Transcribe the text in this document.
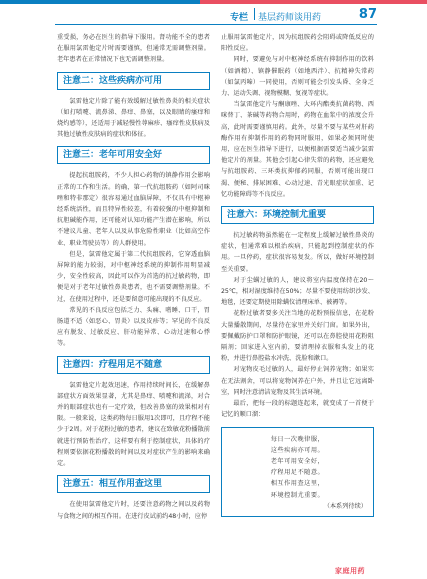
专栏 基层药师谈用药	87

重受损，务必在医生的指导下服用。肾功能不全的患者在服用氯雷他定片时需要谨慎，但通常无需调整剂量。老年患者在正常情况下也无需调整剂量。

注意二：这些疾病亦可用

氯雷他定片除了能有效缓解过敏性鼻炎的相关症状（如打喷嚏、流鼻涕、鼻痒、鼻塞，以及眼睛的瘙痒和烧灼感等），还适用于减轻慢性荨麻疹、瘙痒性皮肤病及其他过敏性皮肤病的症状和体征。

注意三：老年可用安全好

提起抗组胺药，不少人担心药物的镇静作用会影响正常的工作和生活。的确，第一代抗组胺药（如阿司咪唑和特非那定）很容易通过血脑屏障，不仅具有中枢神经系统活性，而且特异性较差，有着较强的中枢抑制和抗胆碱能作用，还可能对认知功能产生潜在影响，所以不建议儿童、老年人以及从事危险性职业（比如高空作业、职业驾驶员等）的人群使用。

但是，氯雷他定属于第二代抗组胺药，它穿透血脑屏障的能力较弱，对中枢神经系统的抑制作用明显减少，安全性较高，因此可以作为首选的抗过敏药物，即便是对于老年过敏性鼻炎患者，也不需要调整剂量。不过，在使用过程中，还是要留意可能出现的不良反应。

常见的不良反应包括乏力、头痛、嗜睡、口干，胃肠道不适（如恶心、胃炎）以及皮疹等；罕见的不良反应有脱发、过敏反应、肝功能异常、心动过速和心悸等。

注意四：疗程用足不随意

氯雷他定片起效迅速，作用持续时间长，在缓解鼻部症状方面效果显著，尤其是鼻痒、喷嚏和流涕，对合并的眼部症状也有一定疗效，但改善鼻塞的效果相对有限。一般来说，这类药物每日服用1次即可，且疗程不能少于2周。对于花粉过敏的患者，建议在致敏花粉播散前就进行预防性治疗，这样要有利于控制症状，具体的疗程则要依据花粉播散的时间以及对症状产生的影响来确定。

注意五：相互作用查这里

在使用氯雷他定片时，还要注意药物之间以及药物与食物之间的相互作用。在进行皮试前约48小时，应停

止服用氯雷他定片，因为抗组胺药会阻碍或降低反应的阳性反应。

同时，要避免与对中枢神经系统有抑制作用的饮料（如酒精）、镇静催眠药（如地西泮）、抗精神失常药（如氯丙嗪）一同使用，否则可能会引发头昏、全身乏力、运动失调、视物模糊、复视等症状。

当氯雷他定片与酮康唑、大环内酯类抗菌药物、西咪替丁、茶碱等药物合用时，药物在血浆中的浓度会升高，此时需要谨慎用药。此外，尽量不要与某些对肝药酶作用有抑制作用的药物同时服用，如果必须同时使用，应在医生指导下进行，以便根据需要适当减少氯雷他定片的剂量。其他会引起心律失常的药物，还应避免与抗组胺药、三环类抗抑郁药同服，否则可能出现口渴、便秘、排尿困难、心动过速、青光眼症状加重、记忆功能障碍等不良反应。

注意六：环境控制尤重要

抗过敏药物虽然能在一定程度上缓解过敏性鼻炎的症状，但通常难以根治疾病，只能起到控制症状的作用。一旦停药，症状很容易复发。所以，做好环境控制至关重要。

对于尘螨过敏的人，建议将室内温度保持在20～25℃，相对湿度维持在50%；尽量不要使用纺织沙发、地毯，还要定期使用除螨仪清理床单、被褥等。

花粉过敏者要多关注当地的花粉预报信息，在花粉大量播散期间，尽量待在家里并关好门窗。如果外出，要佩戴防护口罩和防护眼镜，还可以在鼻腔使用花粉阻隔剂；回家进入室内前，要清理掉衣服和头发上的花粉，并进行鼻腔盐水冲洗、洗脸和漱口。

对宠物皮毛过敏的人，最好停止饲养宠物；如果实在无法割舍，可以将宠物饲养在户外，并且让它远离卧室，同时注意清洁宠物及其生活环境。

最后，把每一段的标题连起来，就变成了一首便于记忆的顺口溜：

每日一次晚律服，
这些疾病亦可用。
老年可用安全好，
疗程用足不随意。
相互作用查这里，
环境控制尤重要。
（本系列待续）
家庭用药
